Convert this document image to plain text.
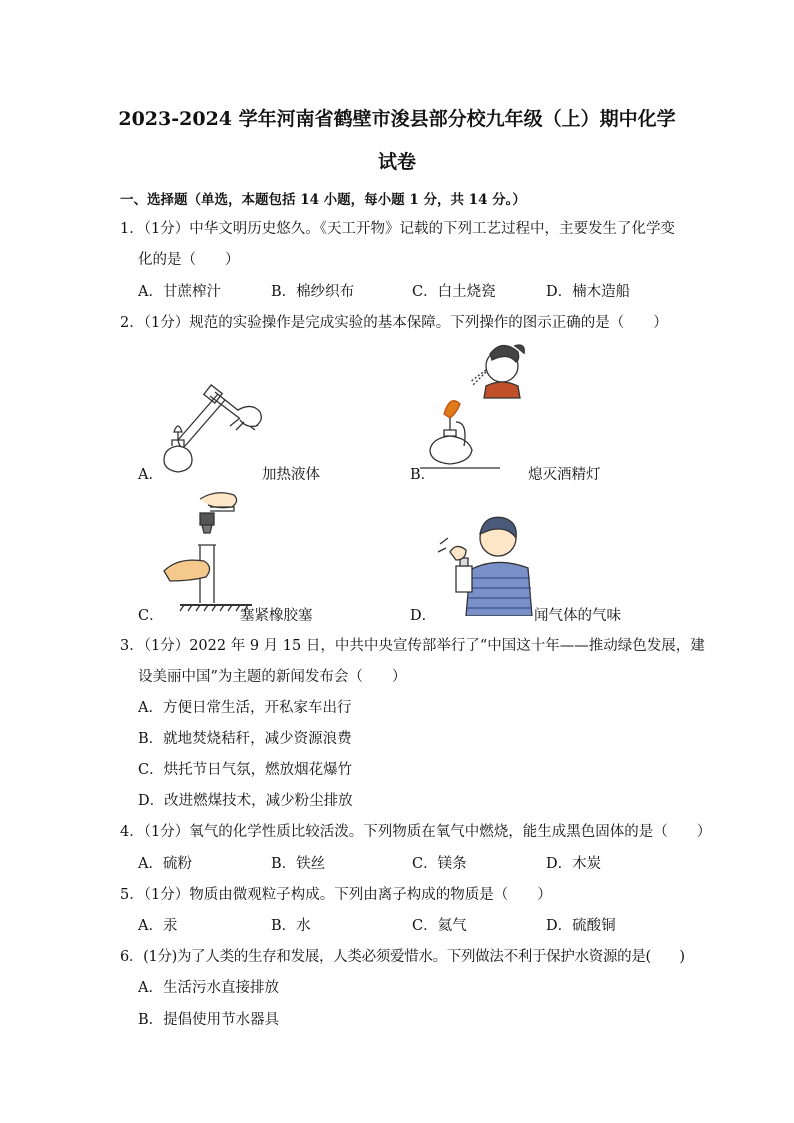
2023-2024 学年河南省鹤壁市浚县部分校九年级（上）期中化学
试卷
一、选择题（单选，本题包括 14 小题，每小题 1 分，共 14 分。）
1．（1分）中华文明历史悠久。《天工开物》记载的下列工艺过程中，主要发生了化学变
化的是（　　）
A．甘蔗榨汁	B．棉纱织布	C．白土烧瓷	D．楠木造船
2．（1分）规范的实验操作是完成实验的基本保障。下列操作的图示正确的是（　　）
A．	加热液体	B．	熄灭酒精灯
C．	塞紧橡胶塞	D．	闻气体的气味
3．（1分）2022 年 9 月 15 日，中共中央宣传部举行了“中国这十年——推动绿色发展，建
设美丽中国”为主题的新闻发布会（　　）
A．方便日常生活，开私家车出行
B．就地焚烧秸秆，减少资源浪费
C．烘托节日气氛，燃放烟花爆竹
D．改进燃煤技术，减少粉尘排放
4．（1分）氧气的化学性质比较活泼。下列物质在氧气中燃烧，能生成黑色固体的是（　　）
A．硫粉	B．铁丝	C．镁条	D．木炭
5．（1分）物质由微观粒子构成。下列由离子构成的物质是（　　）
A．汞	B．水	C．氦气	D．硫酸铜
6．(1分)为了人类的生存和发展，人类必须爱惜水。下列做法不利于保护水资源的是(　　)
A．生活污水直接排放
B．提倡使用节水器具
